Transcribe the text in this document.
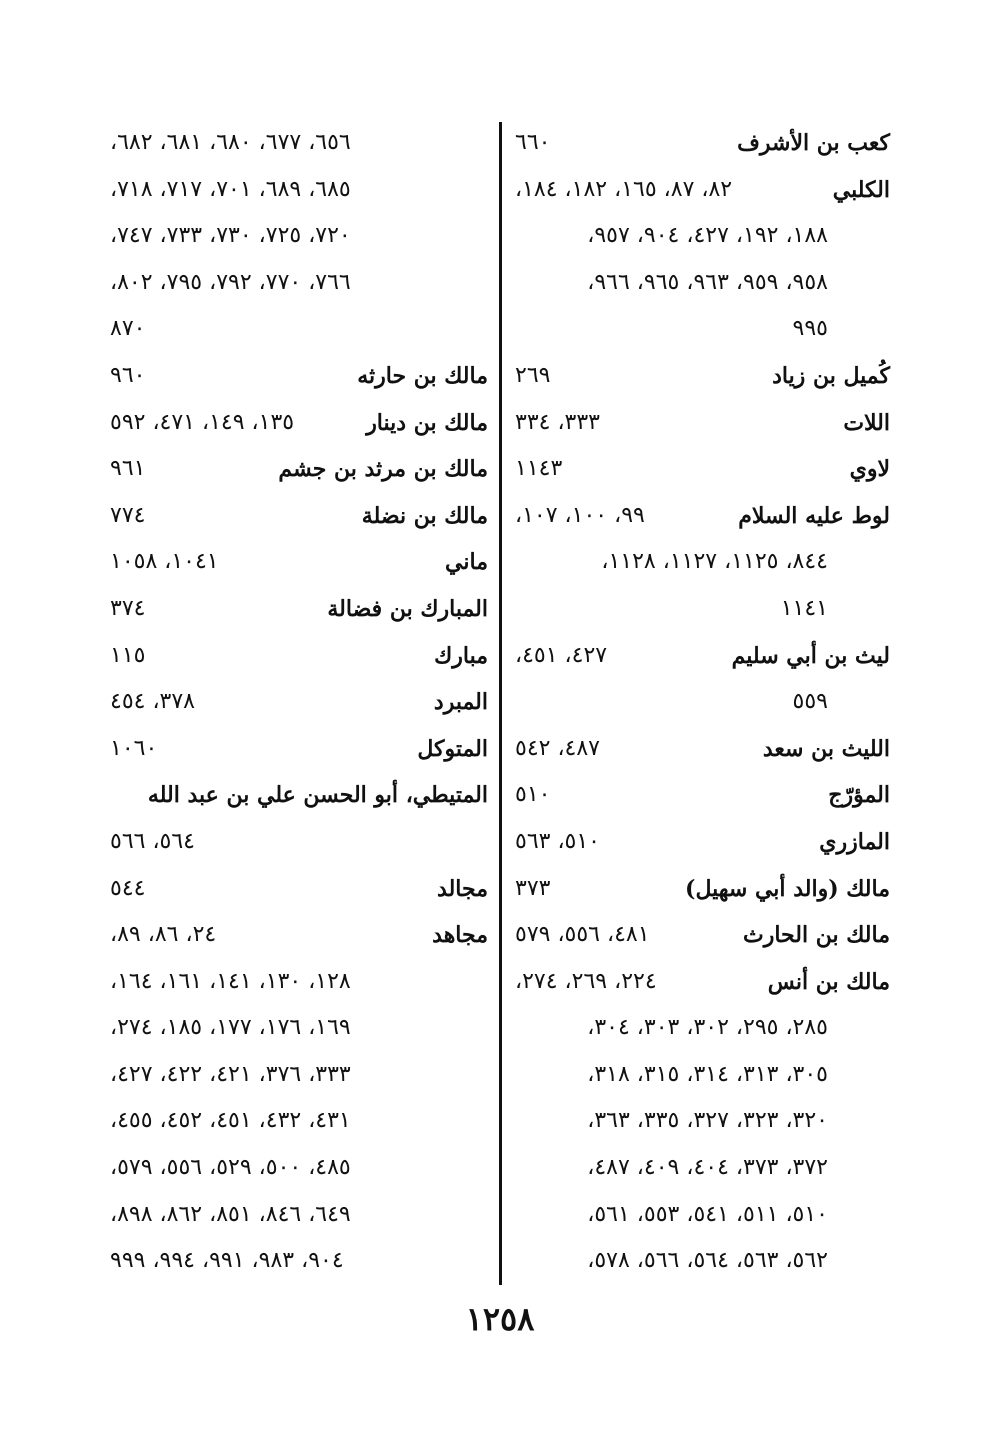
كعب بن الأشرف
٦٦٠
الكلبي
٨٢، ٨٧، ١٦٥، ١٨٢، ١٨٤،
١٨٨، ١٩٢، ٤٢٧، ٩٠٤، ٩٥٧،
٩٥٨، ٩٥٩، ٩٦٣، ٩٦٥، ٩٦٦،
٩٩٥
كُميل بن زياد
٢٦٩
اللات
٣٣٣، ٣٣٤
لاوي
١١٤٣
لوط عليه السلام
٩٩، ١٠٠، ١٠٧،
٨٤٤، ١١٢٥، ١١٢٧، ١١٢٨،
١١٤١
ليث بن أبي سليم
٤٢٧، ٤٥١،
٥٥٩
الليث بن سعد
٤٨٧، ٥٤٢
المؤرّج
٥١٠
المازري
٥١٠، ٥٦٣
مالك (والد أبي سهيل)
٣٧٣
مالك بن الحارث
٤٨١، ٥٥٦، ٥٧٩
مالك بن أنس
٢٢٤، ٢٦٩، ٢٧٤،
٢٨٥، ٢٩٥، ٣٠٢، ٣٠٣، ٣٠٤،
٣٠٥، ٣١٣، ٣١٤، ٣١٥، ٣١٨،
٣٢٠، ٣٢٣، ٣٢٧، ٣٣٥، ٣٦٣،
٣٧٢، ٣٧٣، ٤٠٤، ٤٠٩، ٤٨٧،
٥١٠، ٥١١، ٥٤١، ٥٥٣، ٥٦١،
٥٦٢، ٥٦٣، ٥٦٤، ٥٦٦، ٥٧٨،
٦٥٦، ٦٧٧، ٦٨٠، ٦٨١، ٦٨٢،
٦٨٥، ٦٨٩، ٧٠١، ٧١٧، ٧١٨،
٧٢٠، ٧٢٥، ٧٣٠، ٧٣٣، ٧٤٧،
٧٦٦، ٧٧٠، ٧٩٢، ٧٩٥، ٨٠٢،
٨٧٠
مالك بن حارثه
٩٦٠
مالك بن دينار
١٣٥، ١٤٩، ٤٧١، ٥٩٢
مالك بن مرثد بن جشم
٩٦١
مالك بن نضلة
٧٧٤
ماني
١٠٤١، ١٠٥٨
المبارك بن فضالة
٣٧٤
مبارك
١١٥
المبرد
٣٧٨، ٤٥٤
المتوكل
١٠٦٠
المتيطي، أبو الحسن علي بن عبد الله
٥٦٤، ٥٦٦
مجالد
٥٤٤
مجاهد
٢٤، ٨٦، ٨٩،
١٢٨، ١٣٠، ١٤١، ١٦١، ١٦٤،
١٦٩، ١٧٦، ١٧٧، ١٨٥، ٢٧٤،
٣٣٣، ٣٧٦، ٤٢١، ٤٢٢، ٤٢٧،
٤٣١، ٤٣٢، ٤٥١، ٤٥٢، ٤٥٥،
٤٨٥، ٥٠٠، ٥٢٩، ٥٥٦، ٥٧٩،
٦٤٩، ٨٤٦، ٨٥١، ٨٦٢، ٨٩٨،
٩٠٤، ٩٨٣، ٩٩١، ٩٩٤، ٩٩٩
١٢٥٨
